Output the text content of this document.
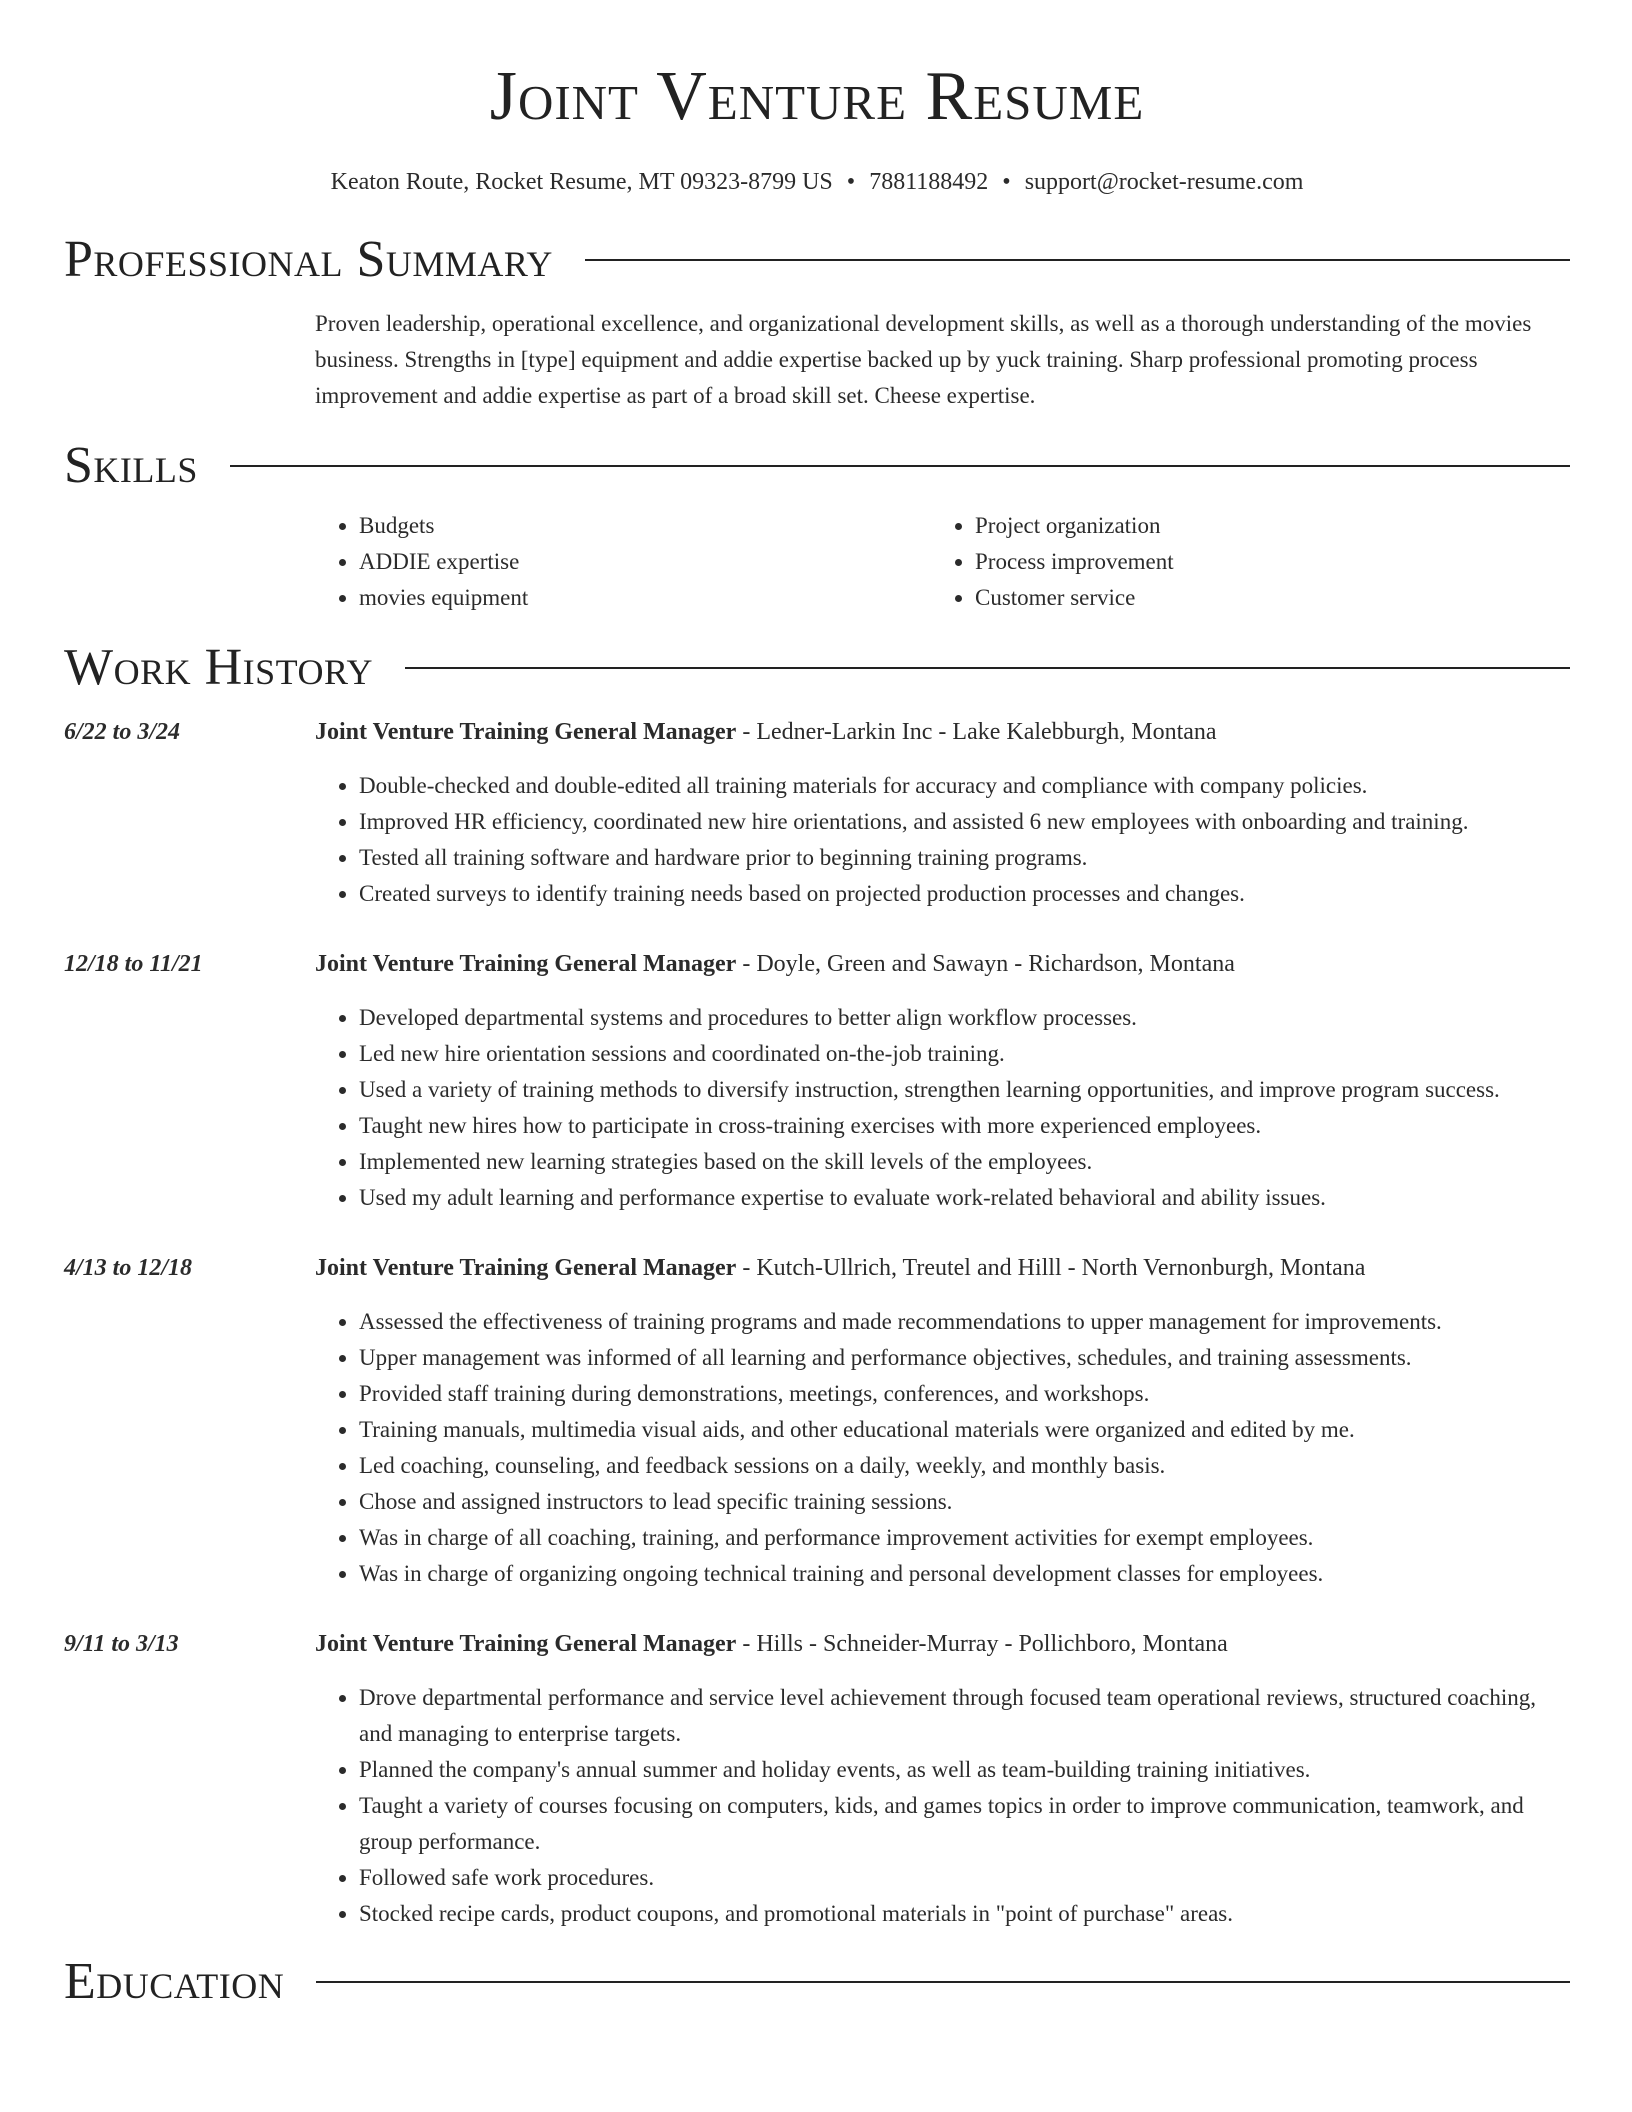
Joint Venture Resume
Keaton Route, Rocket Resume, MT 09323-8799 US • 7881188492 • support@rocket-resume.com
Professional Summary
Proven leadership, operational excellence, and organizational development skills, as well as a thorough understanding of the movies business. Strengths in [type] equipment and addie expertise backed up by yuck training. Sharp professional promoting process improvement and addie expertise as part of a broad skill set. Cheese expertise.
Skills
• Budgets
• ADDIE expertise
• movies equipment
• Project organization
• Process improvement
• Customer service
Work History
6/22 to 3/24	Joint Venture Training General Manager - Ledner-Larkin Inc - Lake Kalebburgh, Montana
• Double-checked and double-edited all training materials for accuracy and compliance with company policies.
• Improved HR efficiency, coordinated new hire orientations, and assisted 6 new employees with onboarding and training.
• Tested all training software and hardware prior to beginning training programs.
• Created surveys to identify training needs based on projected production processes and changes.
12/18 to 11/21	Joint Venture Training General Manager - Doyle, Green and Sawayn - Richardson, Montana
• Developed departmental systems and procedures to better align workflow processes.
• Led new hire orientation sessions and coordinated on-the-job training.
• Used a variety of training methods to diversify instruction, strengthen learning opportunities, and improve program success.
• Taught new hires how to participate in cross-training exercises with more experienced employees.
• Implemented new learning strategies based on the skill levels of the employees.
• Used my adult learning and performance expertise to evaluate work-related behavioral and ability issues.
4/13 to 12/18	Joint Venture Training General Manager - Kutch-Ullrich, Treutel and Hilll - North Vernonburgh, Montana
• Assessed the effectiveness of training programs and made recommendations to upper management for improvements.
• Upper management was informed of all learning and performance objectives, schedules, and training assessments.
• Provided staff training during demonstrations, meetings, conferences, and workshops.
• Training manuals, multimedia visual aids, and other educational materials were organized and edited by me.
• Led coaching, counseling, and feedback sessions on a daily, weekly, and monthly basis.
• Chose and assigned instructors to lead specific training sessions.
• Was in charge of all coaching, training, and performance improvement activities for exempt employees.
• Was in charge of organizing ongoing technical training and personal development classes for employees.
9/11 to 3/13	Joint Venture Training General Manager - Hills - Schneider-Murray - Pollichboro, Montana
• Drove departmental performance and service level achievement through focused team operational reviews, structured coaching, and managing to enterprise targets.
• Planned the company's annual summer and holiday events, as well as team-building training initiatives.
• Taught a variety of courses focusing on computers, kids, and games topics in order to improve communication, teamwork, and group performance.
• Followed safe work procedures.
• Stocked recipe cards, product coupons, and promotional materials in "point of purchase" areas.
Education
